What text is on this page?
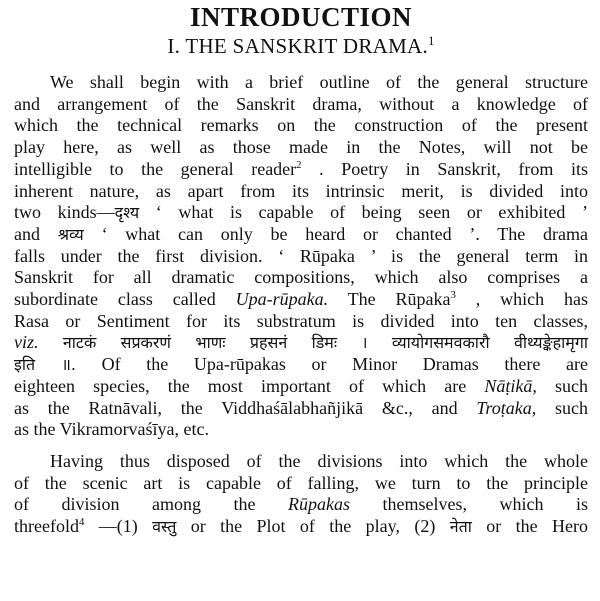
INTRODUCTION
I. THE SANSKRIT DRAMA.$^1$

We shall begin with a brief outline of the general structure
and arrangement of the Sanskrit drama, without a knowledge of
which the technical remarks on the construction of the present
play here, as well as those made in the Notes, will not be
intelligible to the general reader$^2$ . Poetry in Sanskrit, from its
inherent nature, as apart from its intrinsic merit, is divided into
two kinds—दृश्य ‘ what is capable of being seen or exhibited ’
and श्रव्य ‘ what can only be heard or chanted ’. The drama
falls under the first division. ‘ Rūpaka ’ is the general term in
Sanskrit for all dramatic compositions, which also comprises a
subordinate class called Upa-rūpaka. The Rūpaka$^3$ , which has
Rasa or Sentiment for its substratum is divided into ten classes,
viz. नाटकं सप्रकरणं भाणः प्रहसनं डिमः । व्यायोगसमवकारौ वीथ्यङ्केहामृगा
इति ॥. Of the Upa-rūpakas or Minor Dramas there are
eighteen species, the most important of which are Nāṭikā, such
as the Ratnāvali, the Viddhaśālabhañjikā &c., and Troṭaka, such
as the Vikramorvaśīya, etc.

Having thus disposed of the divisions into which the whole
of the scenic art is capable of falling, we turn to the principle
of division among the Rūpakas themselves, which is
threefold$^4$ —(1) वस्तु or the Plot of the play, (2) नेता or the Hero
